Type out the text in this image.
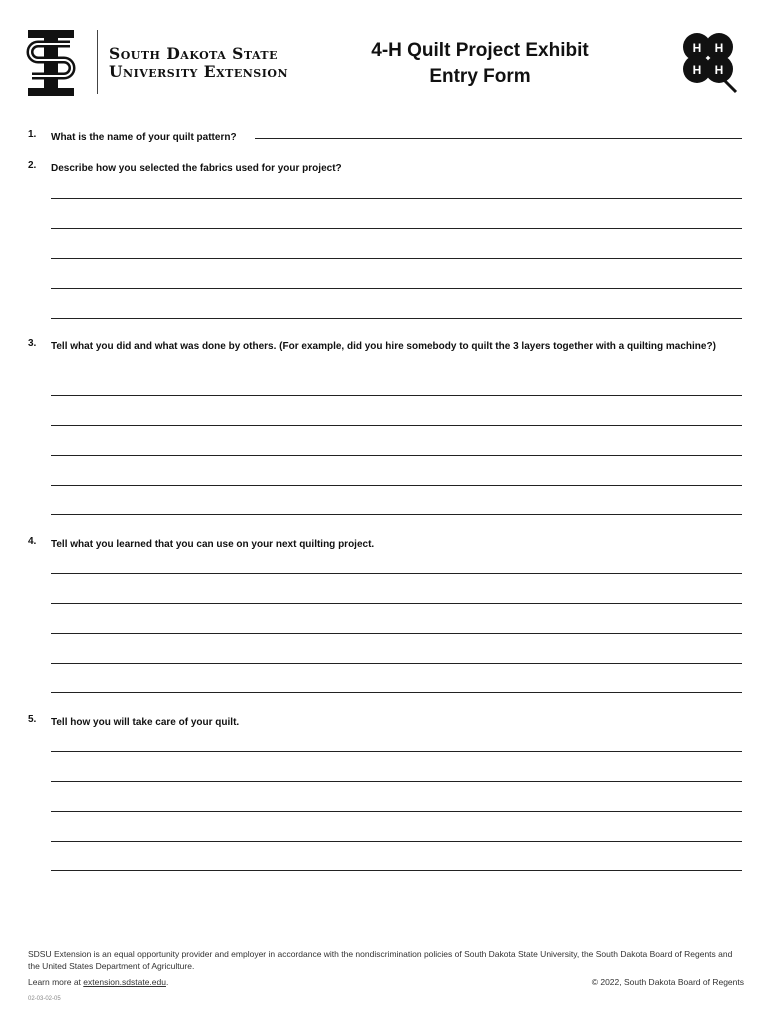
South Dakota State
University Extension
4-H Quilt Project Exhibit
Entry Form
H H
H H
1. What is the name of your quilt pattern?
2. Describe how you selected the fabrics used for your project?
3. Tell what you did and what was done by others. (For example, did you hire somebody to quilt the 3 layers together with a quilting machine?)
4. Tell what you learned that you can use on your next quilting project.
5. Tell how you will take care of your quilt.
SDSU Extension is an equal opportunity provider and employer in accordance with the nondiscrimination policies of South Dakota State University, the South Dakota Board of Regents and the United States Department of Agriculture.
Learn more at extension.sdstate.edu.	© 2022, South Dakota Board of Regents
02-03-02-05
